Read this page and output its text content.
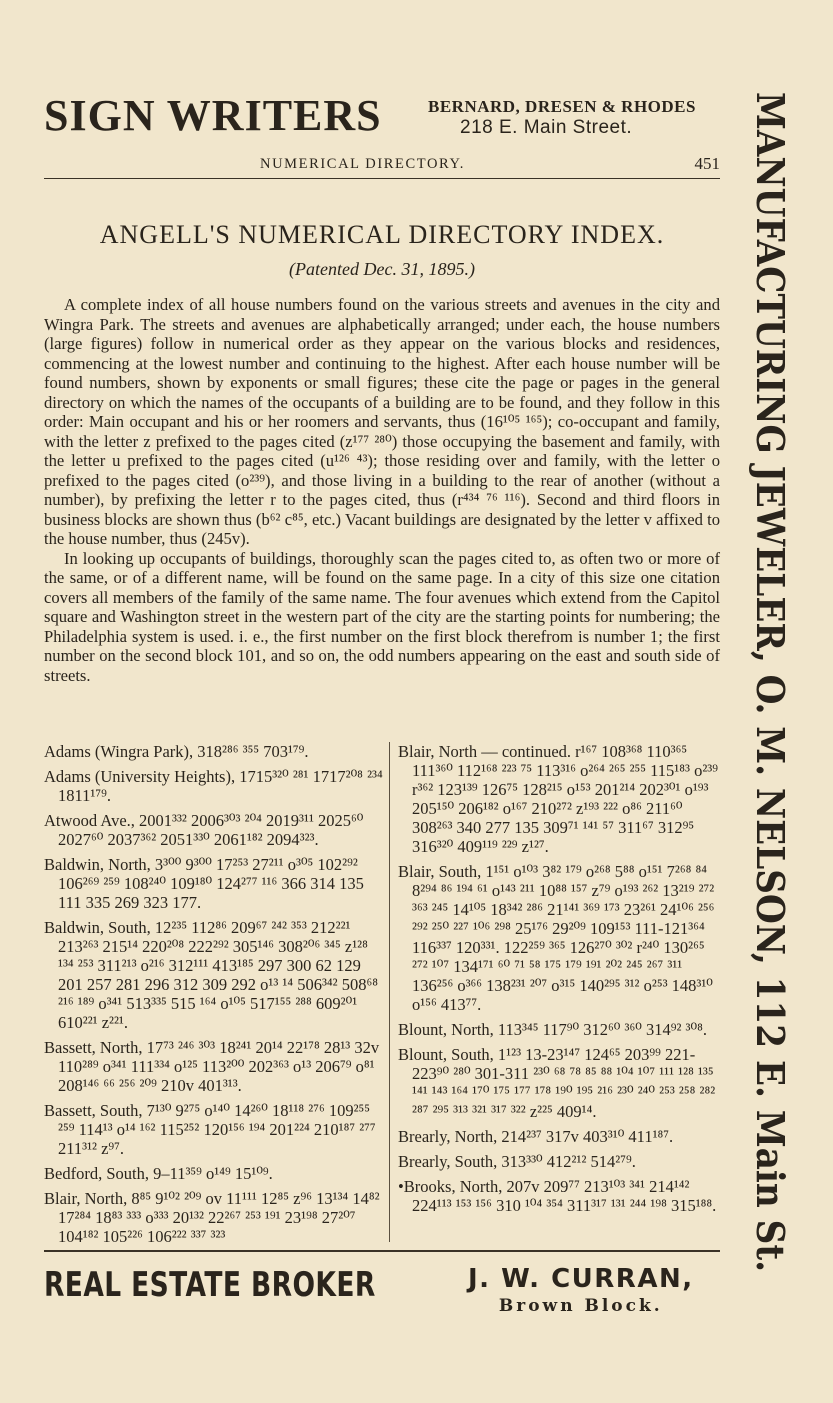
SIGN WRITERS	BERNARD, DRESEN & RHODES
218 E. Main Street.
NUMERICAL DIRECTORY.	451
ANGELL'S NUMERICAL DIRECTORY INDEX.
(Patented Dec. 31, 1895.)

A complete index of all house numbers found on the various streets and avenues in the city and Wingra Park. The streets and avenues are alphabetically arranged; under each, the house numbers (large figures) follow in numerical order as they appear on the various blocks and residences, commencing at the lowest number and continuing to the highest. After each house number will be found numbers, shown by exponents or small figures; these cite the page or pages in the general directory on which the names of the occupants of a building are to be found, and they follow in this order: Main occupant and his or her roomers and servants, thus (16¹⁰⁵ ¹⁶⁵); co-occupant and family, with the letter z prefixed to the pages cited (z¹⁷⁷ ²⁸⁰) those occupying the basement and family, with the letter u prefixed to the pages cited (u¹²⁶ ⁴³); those residing over and family, with the letter o prefixed to the pages cited (o²³⁹), and those living in a building to the rear of another (without a number), by prefixing the letter r to the pages cited, thus (r⁴³⁴ ⁷⁶ ¹¹⁶). Second and third floors in business blocks are shown thus (b⁶² c⁸⁵, etc.) Vacant buildings are designated by the letter v affixed to the house number, thus (245v).

In looking up occupants of buildings, thoroughly scan the pages cited to, as often two or more of the same, or of a different name, will be found on the same page. In a city of this size one citation covers all members of the family of the same name. The four avenues which extend from the Capitol square and Washington street in the western part of the city are the starting points for numbering; the Philadelphia system is used. i. e., the first number on the first block therefrom is number 1; the first number on the second block 101, and so on, the odd numbers appearing on the east and south side of streets.

Adams (Wingra Park), 318²⁸⁶ ³⁵⁵ 703¹⁷⁹.
Adams (University Heights), 1715³²⁰ ²⁸¹ 1717²⁰⁸ ²³⁴ 1811¹⁷⁹.
Atwood Ave., 2001³³² 2006³⁰³ ²⁰⁴ 2019³¹¹ 2025⁶⁰ 2027⁶⁰ 2037³⁶² 2051³³⁰ 2061¹⁸² 2094³²³.
Baldwin, North, 3³⁰⁰ 9³⁰⁰ 17²⁵³ 27²¹¹ o³⁰⁵ 102²⁹² 106²⁶⁹ ²⁵⁹ 108²⁴⁰ 109¹⁸⁰ 124²⁷⁷ ¹¹⁶ 366 314 135 111 335 269 323 177.
Baldwin, South, 12²³⁵ 112⁸⁶ 209⁶⁷ ²⁴² ³⁵³ 212²²¹ 213²⁶³ 215¹⁴ 220²⁰⁸ 222²⁹² 305¹⁴⁶ 308²⁰⁶ ³⁴⁵ z¹²⁸ ¹³⁴ ²⁵³ 311²¹³ o²¹⁶ 312¹¹¹ 413¹⁸⁵ 297 300 62 129 201 257 281 296 312 309 292 o¹³ ¹⁴ 506³⁴² 508⁶⁸ ²¹⁶ ¹⁸⁹ o³⁴¹ 513³³⁵ 515 ¹⁶⁴ o¹⁰⁵ 517¹⁵⁵ ²⁸⁸ 609²⁰¹ 610²²¹ z²²¹.
Bassett, North, 17⁷³ ²⁴⁶ ³⁰³ 18²⁴¹ 20¹⁴ 22¹⁷⁸ 28¹³ 32v 110²⁸⁹ o³⁴¹ 111³³⁴ o¹²⁵ 113²⁰⁰ 202³⁶³ o¹³ 206⁷⁹ o⁸¹ 208¹⁴⁶ ⁶⁶ ²⁵⁶ ²⁰⁹ 210v 401³¹³.
Bassett, South, 7¹³⁰ 9²⁷⁵ o¹⁴⁰ 14²⁶⁰ 18¹¹⁸ ²⁷⁶ 109²⁵⁵ ²⁵⁹ 114¹³ o¹⁴ ¹⁶² 115²⁵² 120¹⁵⁶ ¹⁹⁴ 201²²⁴ 210¹⁸⁷ ²⁷⁷ 211³¹² z⁹⁷.
Bedford, South, 9–11³⁵⁹ o¹⁴⁹ 15¹⁰⁹.
Blair, North, 8⁸⁵ 9¹⁰² ²⁰⁹ ov 11¹¹¹ 12⁸⁵ z⁹⁶ 13¹³⁴ 14⁸² 17²⁸⁴ 18⁸³ ³³³ o³³³ 20¹³² 22²⁶⁷ ²⁵³ ¹⁹¹ 23¹⁹⁸ 27²⁰⁷ 104¹⁸² 105²²⁶ 106²²² ³³⁷ ³²³
Blair, North — continued. r¹⁶⁷ 108³⁶⁸ 110³⁶⁵ 111³⁶⁰ 112¹⁶⁸ ²²³ ⁷⁵ 113³¹⁶ o²⁶⁴ ²⁶⁵ ²⁵⁵ 115¹⁸³ o²³⁹ r³⁶² 123¹³⁹ 126⁷⁵ 128²¹⁵ o¹⁵³ 201²¹⁴ 202³⁰¹ o¹⁹³ 205¹⁵⁰ 206¹⁸² o¹⁶⁷ 210²⁷² z¹⁹³ ²²² o⁸⁶ 211⁶⁰ 308²⁶³ 340 277 135 309⁷¹ ¹⁴¹ ⁵⁷ 311⁶⁷ 312⁹⁵ 316³²⁰ 409¹¹⁹ ²²⁹ z¹²⁷.
Blair, South, 1¹⁵¹ o¹⁰³ 3⁸² ¹⁷⁹ o²⁶⁸ 5⁸⁸ o¹⁵¹ 7²⁶⁸ ⁸⁴ 8²⁹⁴ ⁸⁶ ¹⁹⁴ ⁶¹ o¹⁴³ ²¹¹ 10⁸⁸ ¹⁵⁷ z⁷⁹ o¹⁹³ ²⁶² 13²¹⁹ ²⁷² ³⁶³ ²⁴⁵ 14¹⁰⁵ 18³⁴² ²⁸⁶ 21¹⁴¹ ³⁶⁹ ¹⁷³ 23²⁶¹ 24¹⁰⁶ ²⁵⁶ ²⁹² ²⁵⁰ ²²⁷ ¹⁰⁶ ²⁹⁸ 25¹⁷⁶ 29²⁰⁹ 109¹⁵³ 111-121³⁶⁴ 116³³⁷ 120³³¹. 122²⁵⁹ ³⁶⁵ 126²⁷⁰ ³⁰² r²⁴⁰ 130²⁶⁵ ²⁷² ¹⁰⁷ 134¹⁷¹ ⁶⁰ ⁷¹ ⁵⁸ ¹⁷⁵ ¹⁷⁹ ¹⁹¹ ²⁰² ²⁴⁵ ²⁶⁷ ³¹¹ 136²⁵⁶ o³⁶⁶ 138²³¹ ²⁰⁷ o³¹⁵ 140²⁹⁵ ³¹² o²⁵³ 148³¹⁰ o¹⁵⁶ 413⁷⁷.
Blount, North, 113³⁴⁵ 117⁹⁰ 312⁶⁰ ³⁶⁰ 314⁹² ³⁰⁸.
Blount, South, 1¹²³ 13-23¹⁴⁷ 124⁶⁵ 203⁹⁹ 221-223⁹⁰ ²⁸⁰ 301-311 ²³⁰ ⁶⁸ ⁷⁸ ⁸⁵ ⁸⁸ ¹⁰⁴ ¹⁰⁷ ¹¹¹ ¹²⁸ ¹³⁵ ¹⁴¹ ¹⁴³ ¹⁶⁴ ¹⁷⁰ ¹⁷⁵ ¹⁷⁷ ¹⁷⁸ ¹⁹⁰ ¹⁹⁵ ²¹⁶ ²³⁰ ²⁴⁰ ²⁵³ ²⁵⁸ ²⁸² ²⁸⁷ ²⁹⁵ ³¹³ ³²¹ ³¹⁷ ³²² z²²⁵ 409¹⁴.
Brearly, North, 214²³⁷ 317v 403³¹⁰ 411¹⁸⁷.
Brearly, South, 313³³⁰ 412²¹² 514²⁷⁹.
•Brooks, North, 207v 209⁷⁷ 213¹⁰³ ³⁴¹ 214¹⁴² 224¹¹³ ¹⁵³ ¹⁵⁶ 310 ¹⁰⁴ ³⁵⁴ 311³¹⁷ ¹³¹ ²⁴⁴ ¹⁹⁸ 315¹⁸⁸.
REAL ESTATE BROKER	J. W. CURRAN,
Brown Block.
MANUFACTURING JEWELER, O. M. NELSON, 112 E. Main St.
